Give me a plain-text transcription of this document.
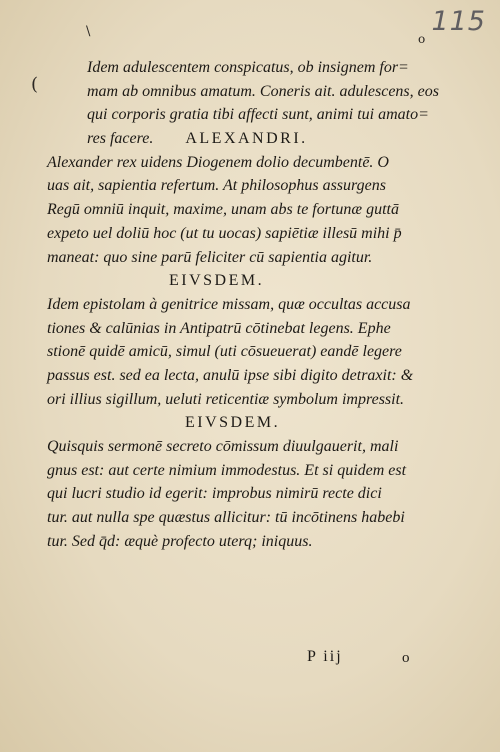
115
\
(
o
Idem adulescentem conspicatus, ob insignem for=
mam ab omnibus amatum. Coneris ait. adulescens, eos
qui corporis gratia tibi affecti sunt, animi tui amato=
res facere. ALEXANDRI.
Alexander rex uidens Diogenem dolio decumbentē. O
uas ait, sapientia refertum. At philosophus assurgens
Regū omniū inquit, maxime, unam abs te fortunæ guttā
expeto uel doliū hoc (ut tu uocas) sapiētiæ illesū mihi p̄
maneat: quo sine parū feliciter cū sapientia agitur.
EIVSDEM.
Idem epistolam à genitrice missam, quæ occultas accusa
tiones & calūnias in Antipatrū cōtinebat legens. Ephe
stionē quidē amicū, simul (uti cōsueuerat) eandē legere
passus est. sed ea lecta, anulū ipse sibi digito detraxit: &
ori illius sigillum, ueluti reticentiæ symbolum impressit.
EIVSDEM.
Quisquis sermonē secreto cōmissum diuulgauerit, mali
gnus est: aut certe nimium immodestus. Et si quidem est
qui lucri studio id egerit: improbus nimirū recte dici
tur. aut nulla spe quæstus allicitur: tū incōtinens habebi
tur. Sed q̄d: æquè profecto uterq; iniquus.
P iij	o
